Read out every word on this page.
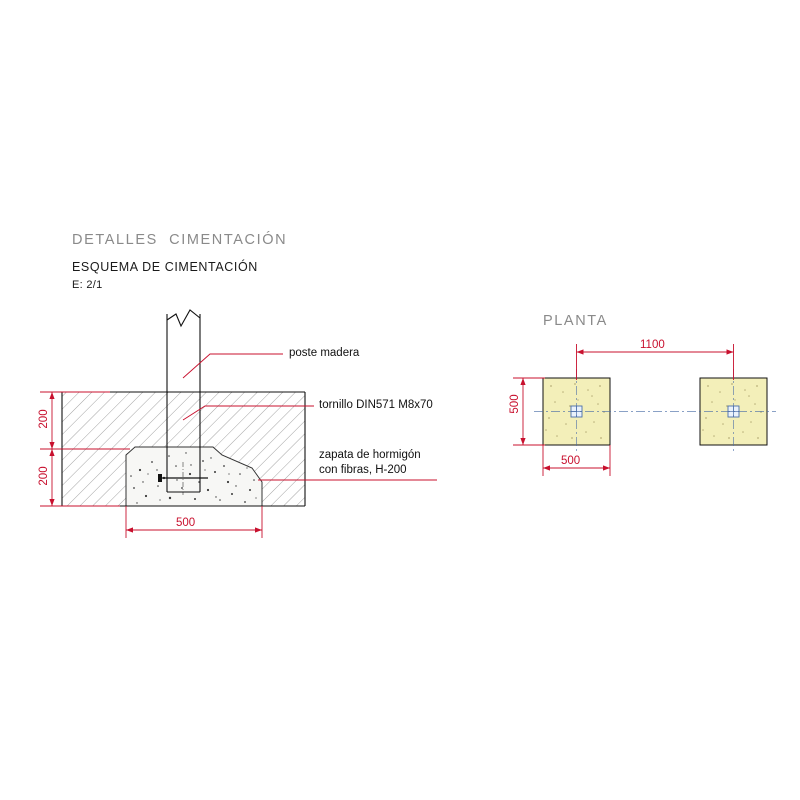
DETALLES  CIMENTACIÓN
ESQUEMA DE CIMENTACIÓN
E: 2/1
PLANTA
poste madera
tornillo DIN571 M8x70
zapata de hormigón
con fibras, H-200
200
200
500
1100
500
500
